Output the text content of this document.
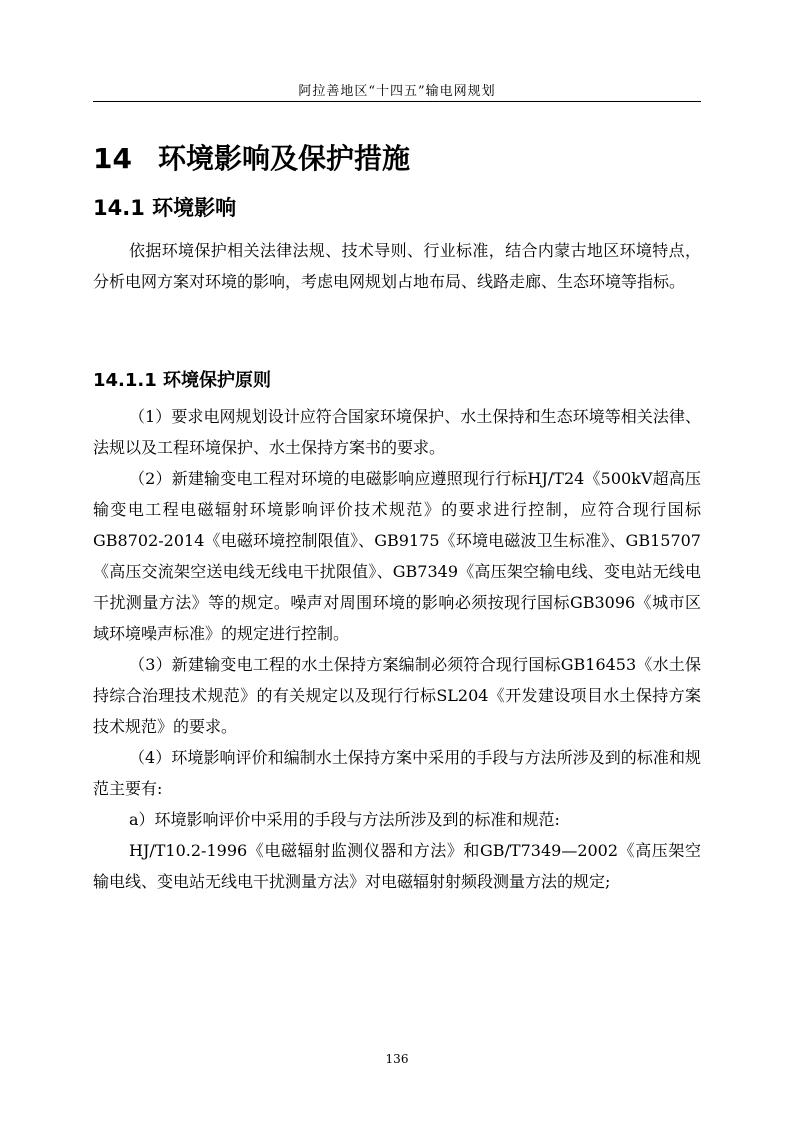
阿拉善地区“十四五”输电网规划
14 环境影响及保护措施
14.1 环境影响

依据环境保护相关法律法规、技术导则、行业标准，结合内蒙古地区环境特点，分析电网方案对环境的影响，考虑电网规划占地布局、线路走廊、生态环境等指标。

14.1.1 环境保护原则

（1）要求电网规划设计应符合国家环境保护、水土保持和生态环境等相关法律、法规以及工程环境保护、水土保持方案书的要求。

（2）新建输变电工程对环境的电磁影响应遵照现行行标HJ/T24《500kV超高压输变电工程电磁辐射环境影响评价技术规范》的要求进行控制，应符合现行国标GB8702-2014《电磁环境控制限值》、GB9175《环境电磁波卫生标准》、GB15707《高压交流架空送电线无线电干扰限值》、GB7349《高压架空输电线、变电站无线电干扰测量方法》等的规定。噪声对周围环境的影响必须按现行国标GB3096《城市区域环境噪声标准》的规定进行控制。

（3）新建输变电工程的水土保持方案编制必须符合现行国标GB16453《水土保持综合治理技术规范》的有关规定以及现行行标SL204《开发建设项目水土保持方案技术规范》的要求。

（4）环境影响评价和编制水土保持方案中采用的手段与方法所涉及到的标准和规范主要有:

a）环境影响评价中采用的手段与方法所涉及到的标准和规范:

HJ/T10.2-1996《电磁辐射监测仪器和方法》和GB/T7349—2002《高压架空输电线、变电站无线电干扰测量方法》对电磁辐射射频段测量方法的规定;

136
